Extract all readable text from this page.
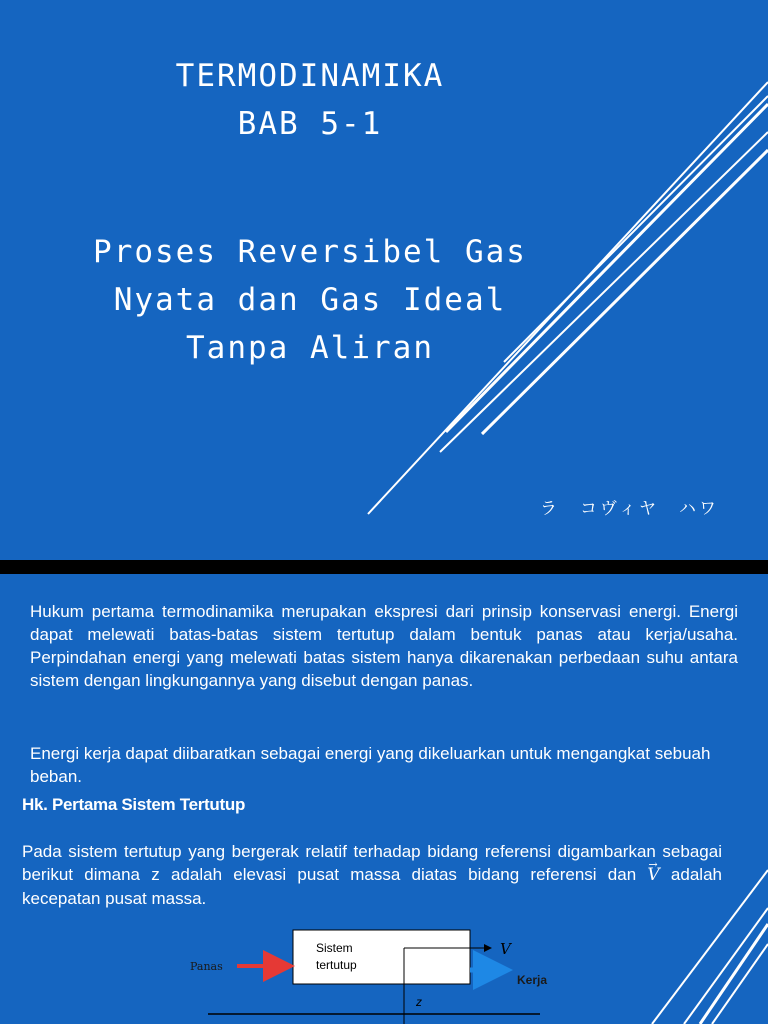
TERMODINAMIKA
BAB 5-1
Proses Reversibel Gas
Nyata dan Gas Ideal
Tanpa Aliran
ラ　コヴィヤ　ハワ

Hukum pertama termodinamika merupakan ekspresi dari prinsip konservasi energi. Energi dapat melewati batas-batas sistem tertutup dalam bentuk panas atau kerja/usaha. Perpindahan energi yang melewati batas sistem hanya dikarenakan perbedaan suhu antara sistem dengan lingkungannya yang disebut dengan panas.

Energi kerja dapat diibaratkan sebagai energi yang dikeluarkan untuk mengangkat sebuah beban.

Hk. Pertama Sistem Tertutup

Pada sistem tertutup yang bergerak relatif terhadap bidang referensi digambarkan sebagai berikut dimana z adalah elevasi pusat massa diatas bidang referensi dan → V adalah kecepatan pusat massa.

Sistem
tertutup
V
Panas
Kerja
z
